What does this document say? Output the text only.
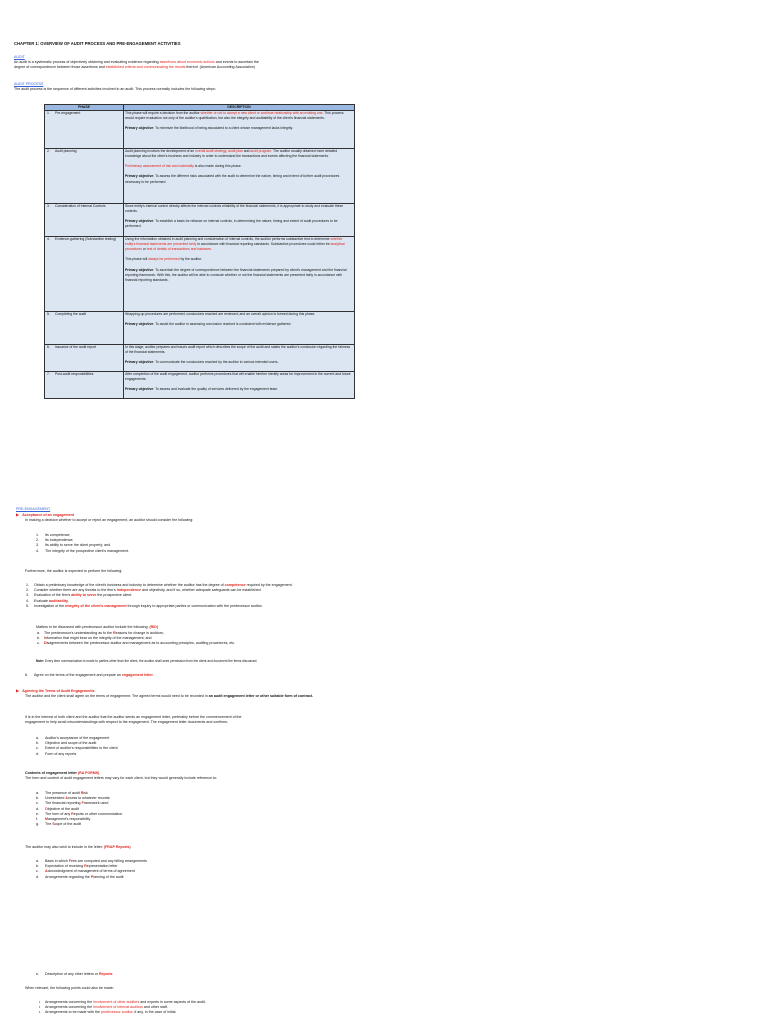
CHAPTER 1: OVERVIEW OF AUDIT PROCESS AND PRE-ENGAGEMENT ACTIVITIES
AUDIT
An audit is a systematic process of objectively obtaining and evaluating evidence regarding assertions about economic actions and events to ascertain the
degree of correspondence between those assertions and established criteria and communicating the results thereof. (American Accounting Association)
AUDIT PROCESS
The audit process is the sequence of different activities involved in an audit. This process normally includes the following steps:
PHASE	DESCRIPTION
1. Pre-engagement	This phase will require a decision from the auditor whether or not to accept a new client or continue relationship with an existing one. This process would require evaluation not only of the auditor's qualification, but also the integrity and auditability of the client's financial statements.
Primary objective: To minimize the likelihood of being associated to a client whose management lacks integrity.
2. Audit planning	Audit planning involves the development of an overall audit strategy, audit plan and audit program. The auditor usually obtained more detailed knowledge about the client's business and industry in order to understand the transactions and events affecting the financial statements.
Preliminary assessment of risk and materiality is also made during this phase.
Primary objective: To assess the different risks associated with the audit to determine the nature, timing and extent of further audit procedures necessary to be performed.
3. Consideration of Internal Controls	Since entity's internal control directly affects the internal controls reliability of the financial statements, it is appropriate to study and evaluate these controls.
Primary objective: To establish a basis for reliance on internal controls, in determining the nature, timing and extent of audit procedures to be performed.
4. Evidence-gathering (Substantive testing)	Using the information obtained in audit planning and consideration of internal controls, the auditor performs substantive test to determine whether entity's financial statements are presented fairly in accordance with financial reporting standards. Substantive procedures could either be analytical procedures or test of details of transactions and balances.
This phase will always be performed by the auditor.
Primary objective: To ascertain the degree of correspondence between the financial statements prepared by client's management and the financial reporting framework. With this, the auditor will be able to conclude whether or not the financial statements are presented fairly in accordance with financial reporting standards.
5. Completing the audit	Wrapping-up procedures are performed; conclusions reached are reviewed; and an overall opinion is formed during this phase.
Primary objective: To assist the auditor in assessing conclusion reached is consistent with evidence gathered.
6. Issuance of the audit report	In this stage, auditor prepares and issues audit report which describes the scope of the audit and states the auditor's conclusion regarding the fairness of the financial statements.
Primary objective: To communicate the conclusions reached by the auditor to various intended users.
7. Post-audit responsibilities	After completion of the audit engagement, auditor performs procedures that will enable him/her identify areas for improvement in the current and future engagements.
Primary objective: To assess and evaluate the quality of services delivered by the engagement team.
PRE-ENGAGEMENT
▶ Acceptance of an engagement
In making a decision whether to accept or reject an engagement, an auditor should consider the following:
1. Its competence;
2. Its independence;
3. Its ability to serve the client properly; and
4. The integrity of the prospective client's management.
Furthermore, the auditor is expected to perform the following:
1. Obtain a preliminary knowledge of the client's business and industry to determine whether the auditor has the degree of competence required by the engagement.
2. Consider whether there are any threats to the firm's independence and objectivity, and if so, whether adequate safeguards can be established.
3. Evaluation of the firm's ability to serve the prospective client.
4. Evaluate auditability.
5. Investigation of the integrity of the client's management through inquiry to appropriate parties or communication with the predecessor auditor.
Matters to be discussed with predecessor auditor include the following: (RID)
a. The predecessor's understanding as to the Reasons for change in auditors;
b. Information that might bear on the integrity of the management; and
c. Disagreements between the predecessor auditor and management as to accounting principles, auditing procedures, etc.
Note: Every time communication is made to parties other than the client, the auditor shall seek permission from the client and document the items discussed.
6. Agree on the terms of the engagement and prepare an engagement letter.
▶ Agreeing the Terms of Audit Engagements
The auditor and the client shall agree on the terms of engagement. The agreed terms would need to be recorded in an audit engagement letter or other suitable form of contract.
It is in the interest of both client and the auditor that the auditor sends an engagement letter, preferably before the commencement of the
engagement to help avoid misunderstandings with respect to the engagement. The engagement letter documents and confirms:
a. Auditor's acceptance of the engagement
b. Objective and scope of the audit
c. Extent of auditor's responsibilities to the client
d. Form of any reports
Contents of engagement letter (RA FORMS)
The form and content of audit engagement letters may vary for each client, but they would generally include reference to:
a. The presence of audit Risk
b. Unrestricted Access to whatever records
c. The financial reporting Framework used
d. Objective of the audit
e. The form of any Reports or other communication
f. Management's responsibility
g. The Scope of the audit
The auditor may also wish to include in the letter: (FRAP Reports)
a. Basis in which Fees are computed and any billing arrangements
b. Expectation of receiving Representation letter
c. Acknowledgment of management of terms of agreement
d. Arrangements regarding the Planning of the audit
e. Description of any other letters or Reports
When relevant, the following points could also be made:
• Arrangements concerning the involvement of other auditors and experts in some aspects of the audit.
• Arrangements concerning the involvement of internal auditors and other staff.
• Arrangements to be made with the predecessor auditor, if any, in the case of initial.
